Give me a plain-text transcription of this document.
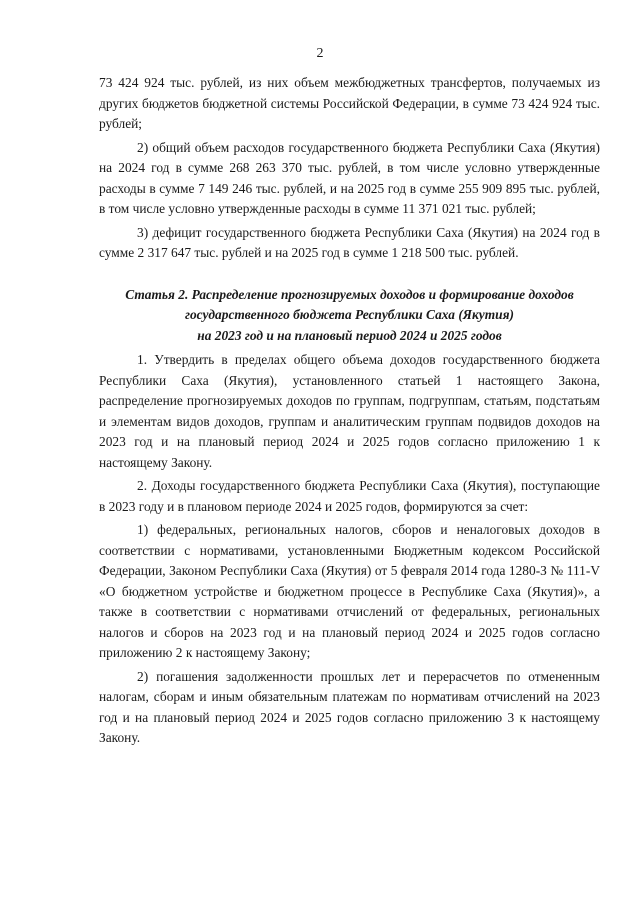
2

73 424 924 тыс. рублей, из них объем межбюджетных трансфертов, получаемых из других бюджетов бюджетной системы Российской Федерации, в сумме 73 424 924 тыс. рублей;

2) общий объем расходов государственного бюджета Республики Саха (Якутия) на 2024 год в сумме 268 263 370 тыс. рублей, в том числе условно утвержденные расходы в сумме 7 149 246 тыс. рублей, и на 2025 год в сумме 255 909 895 тыс. рублей, в том числе условно утвержденные расходы в сумме 11 371 021 тыс. рублей;

3) дефицит государственного бюджета Республики Саха (Якутия) на 2024 год в сумме 2 317 647 тыс. рублей и на 2025 год в сумме 1 218 500 тыс. рублей.

Статья 2. Распределение прогнозируемых доходов и формирование доходов
государственного бюджета Республики Саха (Якутия)
на 2023 год и на плановый период 2024 и 2025 годов

1. Утвердить в пределах общего объема доходов государственного бюджета Республики Саха (Якутия), установленного статьей 1 настоящего Закона, распределение прогнозируемых доходов по группам, подгруппам, статьям, подстатьям и элементам видов доходов, группам и аналитическим группам подвидов доходов на 2023 год и на плановый период 2024 и 2025 годов согласно приложению 1 к настоящему Закону.

2. Доходы государственного бюджета Республики Саха (Якутия), поступающие в 2023 году и в плановом периоде 2024 и 2025 годов, формируются за счет:

1) федеральных, региональных налогов, сборов и неналоговых доходов в соответствии с нормативами, установленными Бюджетным кодексом Российской Федерации, Законом Республики Саха (Якутия) от 5 февраля 2014 года 1280-З № 111-V «О бюджетном устройстве и бюджетном процессе в Республике Саха (Якутия)», а также в соответствии с нормативами отчислений от федеральных, региональных налогов и сборов на 2023 год и на плановый период 2024 и 2025 годов согласно приложению 2 к настоящему Закону;

2) погашения задолженности прошлых лет и перерасчетов по отмененным налогам, сборам и иным обязательным платежам по нормативам отчислений на 2023 год и на плановый период 2024 и 2025 годов согласно приложению 3 к настоящему Закону.
